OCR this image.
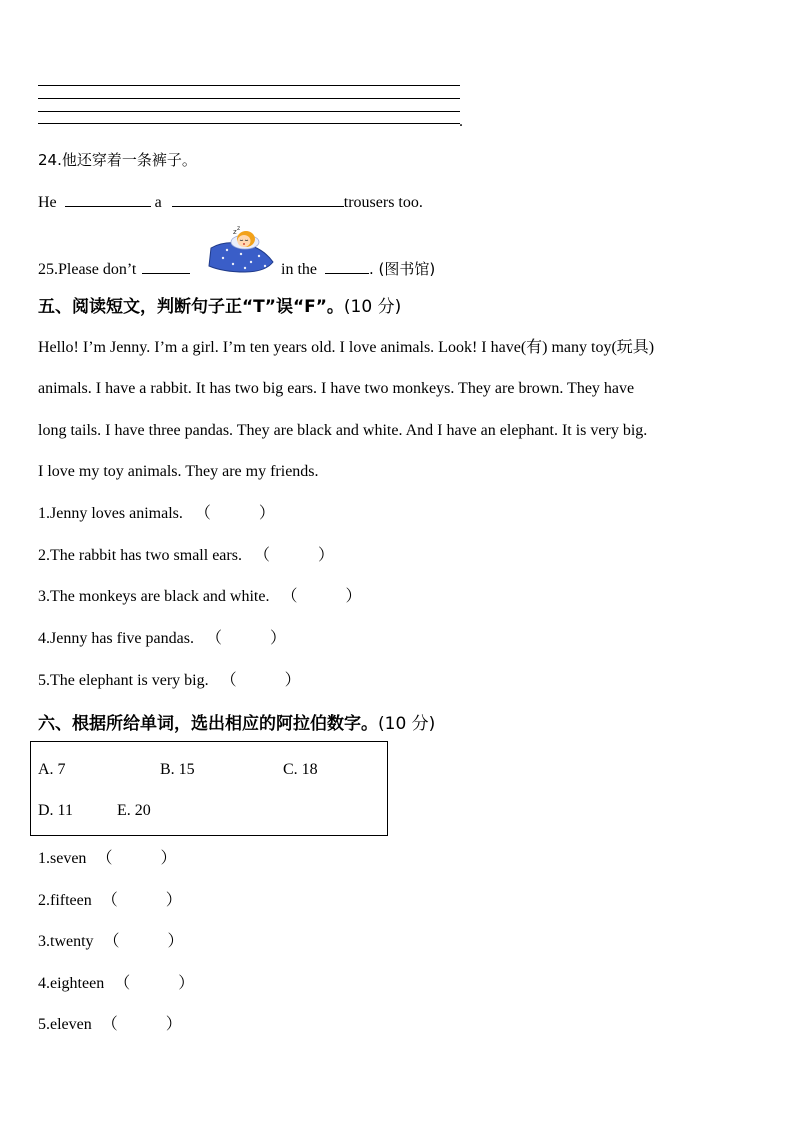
.
24.他还穿着一条裤子。
He	a	trousers too.
25.Please don’t
z z
in the	. (图书馆)
五、阅读短文，判断句子正“T”误“F”。(10 分)
Hello! I’m Jenny. I’m a girl. I’m ten years old. I love animals. Look! I have(有) many toy(玩具)
animals. I have a rabbit. It has two big ears. I have two monkeys. They are brown. They have
long tails. I have three pandas. They are black and white. And I have an elephant. It is very big.
I love my toy animals. They are my friends.
1.Jenny loves animals. （　　　）
2.The rabbit has two small ears. （　　　）
3.The monkeys are black and white. （　　　）
4.Jenny has five pandas. （　　　）
5.The elephant is very big. （　　　）
六、根据所给单词，选出相应的阿拉伯数字。(10 分)
A. 7	B. 15	C. 18
D. 11	E. 20
1.seven （　　　）
2.fifteen （　　　）
3.twenty （　　　）
4.eighteen （　　　）
5.eleven （　　　）
